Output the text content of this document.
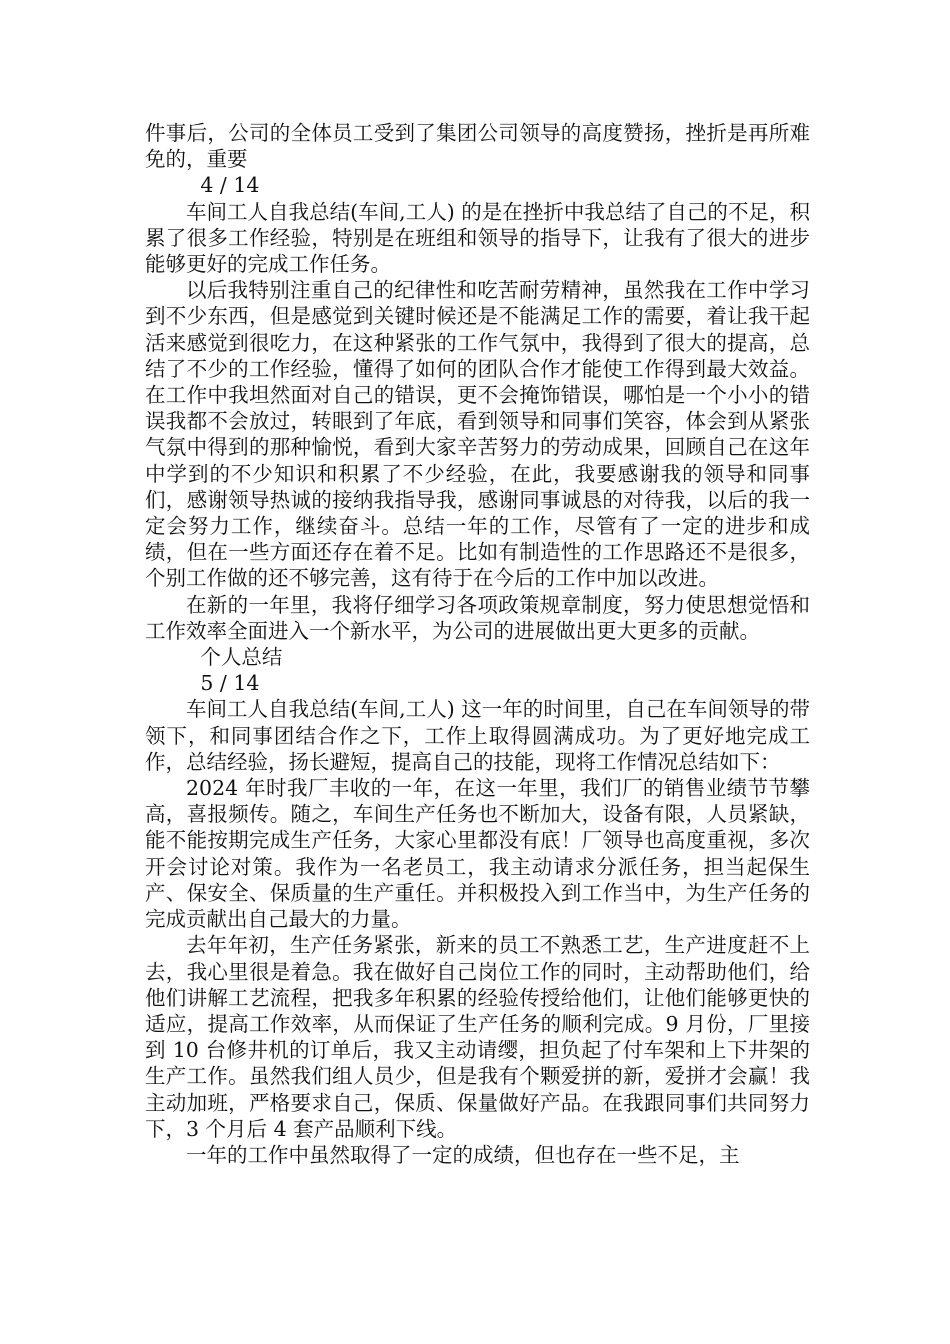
件事后，公司的全体员工受到了集团公司领导的高度赞扬，挫折是再所难免的，重要

4 / 14

车间工人自我总结(车间,工人) 的是在挫折中我总结了自己的不足，积累了很多工作经验，特别是在班组和领导的指导下，让我有了很大的进步能够更好的完成工作任务。

以后我特别注重自己的纪律性和吃苦耐劳精神，虽然我在工作中学习到不少东西，但是感觉到关键时候还是不能满足工作的需要，着让我干起活来感觉到很吃力，在这种紧张的工作气氛中，我得到了很大的提高，总结了不少的工作经验，懂得了如何的团队合作才能使工作得到最大效益。在工作中我坦然面对自己的错误，更不会掩饰错误，哪怕是一个小小的错误我都不会放过，转眼到了年底，看到领导和同事们笑容，体会到从紧张气氛中得到的那种愉悦，看到大家辛苦努力的劳动成果，回顾自己在这年中学到的不少知识和积累了不少经验，在此，我要感谢我的领导和同事们，感谢领导热诚的接纳我指导我，感谢同事诚恳的对待我，以后的我一定会努力工作，继续奋斗。总结一年的工作，尽管有了一定的进步和成绩，但在一些方面还存在着不足。比如有制造性的工作思路还不是很多，个别工作做的还不够完善，这有待于在今后的工作中加以改进。

在新的一年里，我将仔细学习各项政策规章制度，努力使思想觉悟和工作效率全面进入一个新水平，为公司的进展做出更大更多的贡献。

个人总结

5 / 14

车间工人自我总结(车间,工人) 这一年的时间里，自己在车间领导的带领下，和同事团结合作之下，工作上取得圆满成功。为了更好地完成工作，总结经验，扬长避短，提高自己的技能，现将工作情况总结如下：

2024 年时我厂丰收的一年，在这一年里，我们厂的销售业绩节节攀高，喜报频传。随之，车间生产任务也不断加大，设备有限，人员紧缺，能不能按期完成生产任务，大家心里都没有底！厂领导也高度重视，多次开会讨论对策。我作为一名老员工，我主动请求分派任务，担当起保生产、保安全、保质量的生产重任。并积极投入到工作当中，为生产任务的完成贡献出自己最大的力量。

去年年初，生产任务紧张，新来的员工不熟悉工艺，生产进度赶不上去，我心里很是着急。我在做好自己岗位工作的同时，主动帮助他们，给他们讲解工艺流程，把我多年积累的经验传授给他们，让他们能够更快的适应，提高工作效率，从而保证了生产任务的顺利完成。9 月份，厂里接到 10 台修井机的订单后，我又主动请缨，担负起了付车架和上下井架的生产工作。虽然我们组人员少，但是我有个颗爱拼的新，爱拼才会赢！我主动加班，严格要求自己，保质、保量做好产品。在我跟同事们共同努力下，3 个月后 4 套产品顺利下线。

一年的工作中虽然取得了一定的成绩，但也存在一些不足，主
